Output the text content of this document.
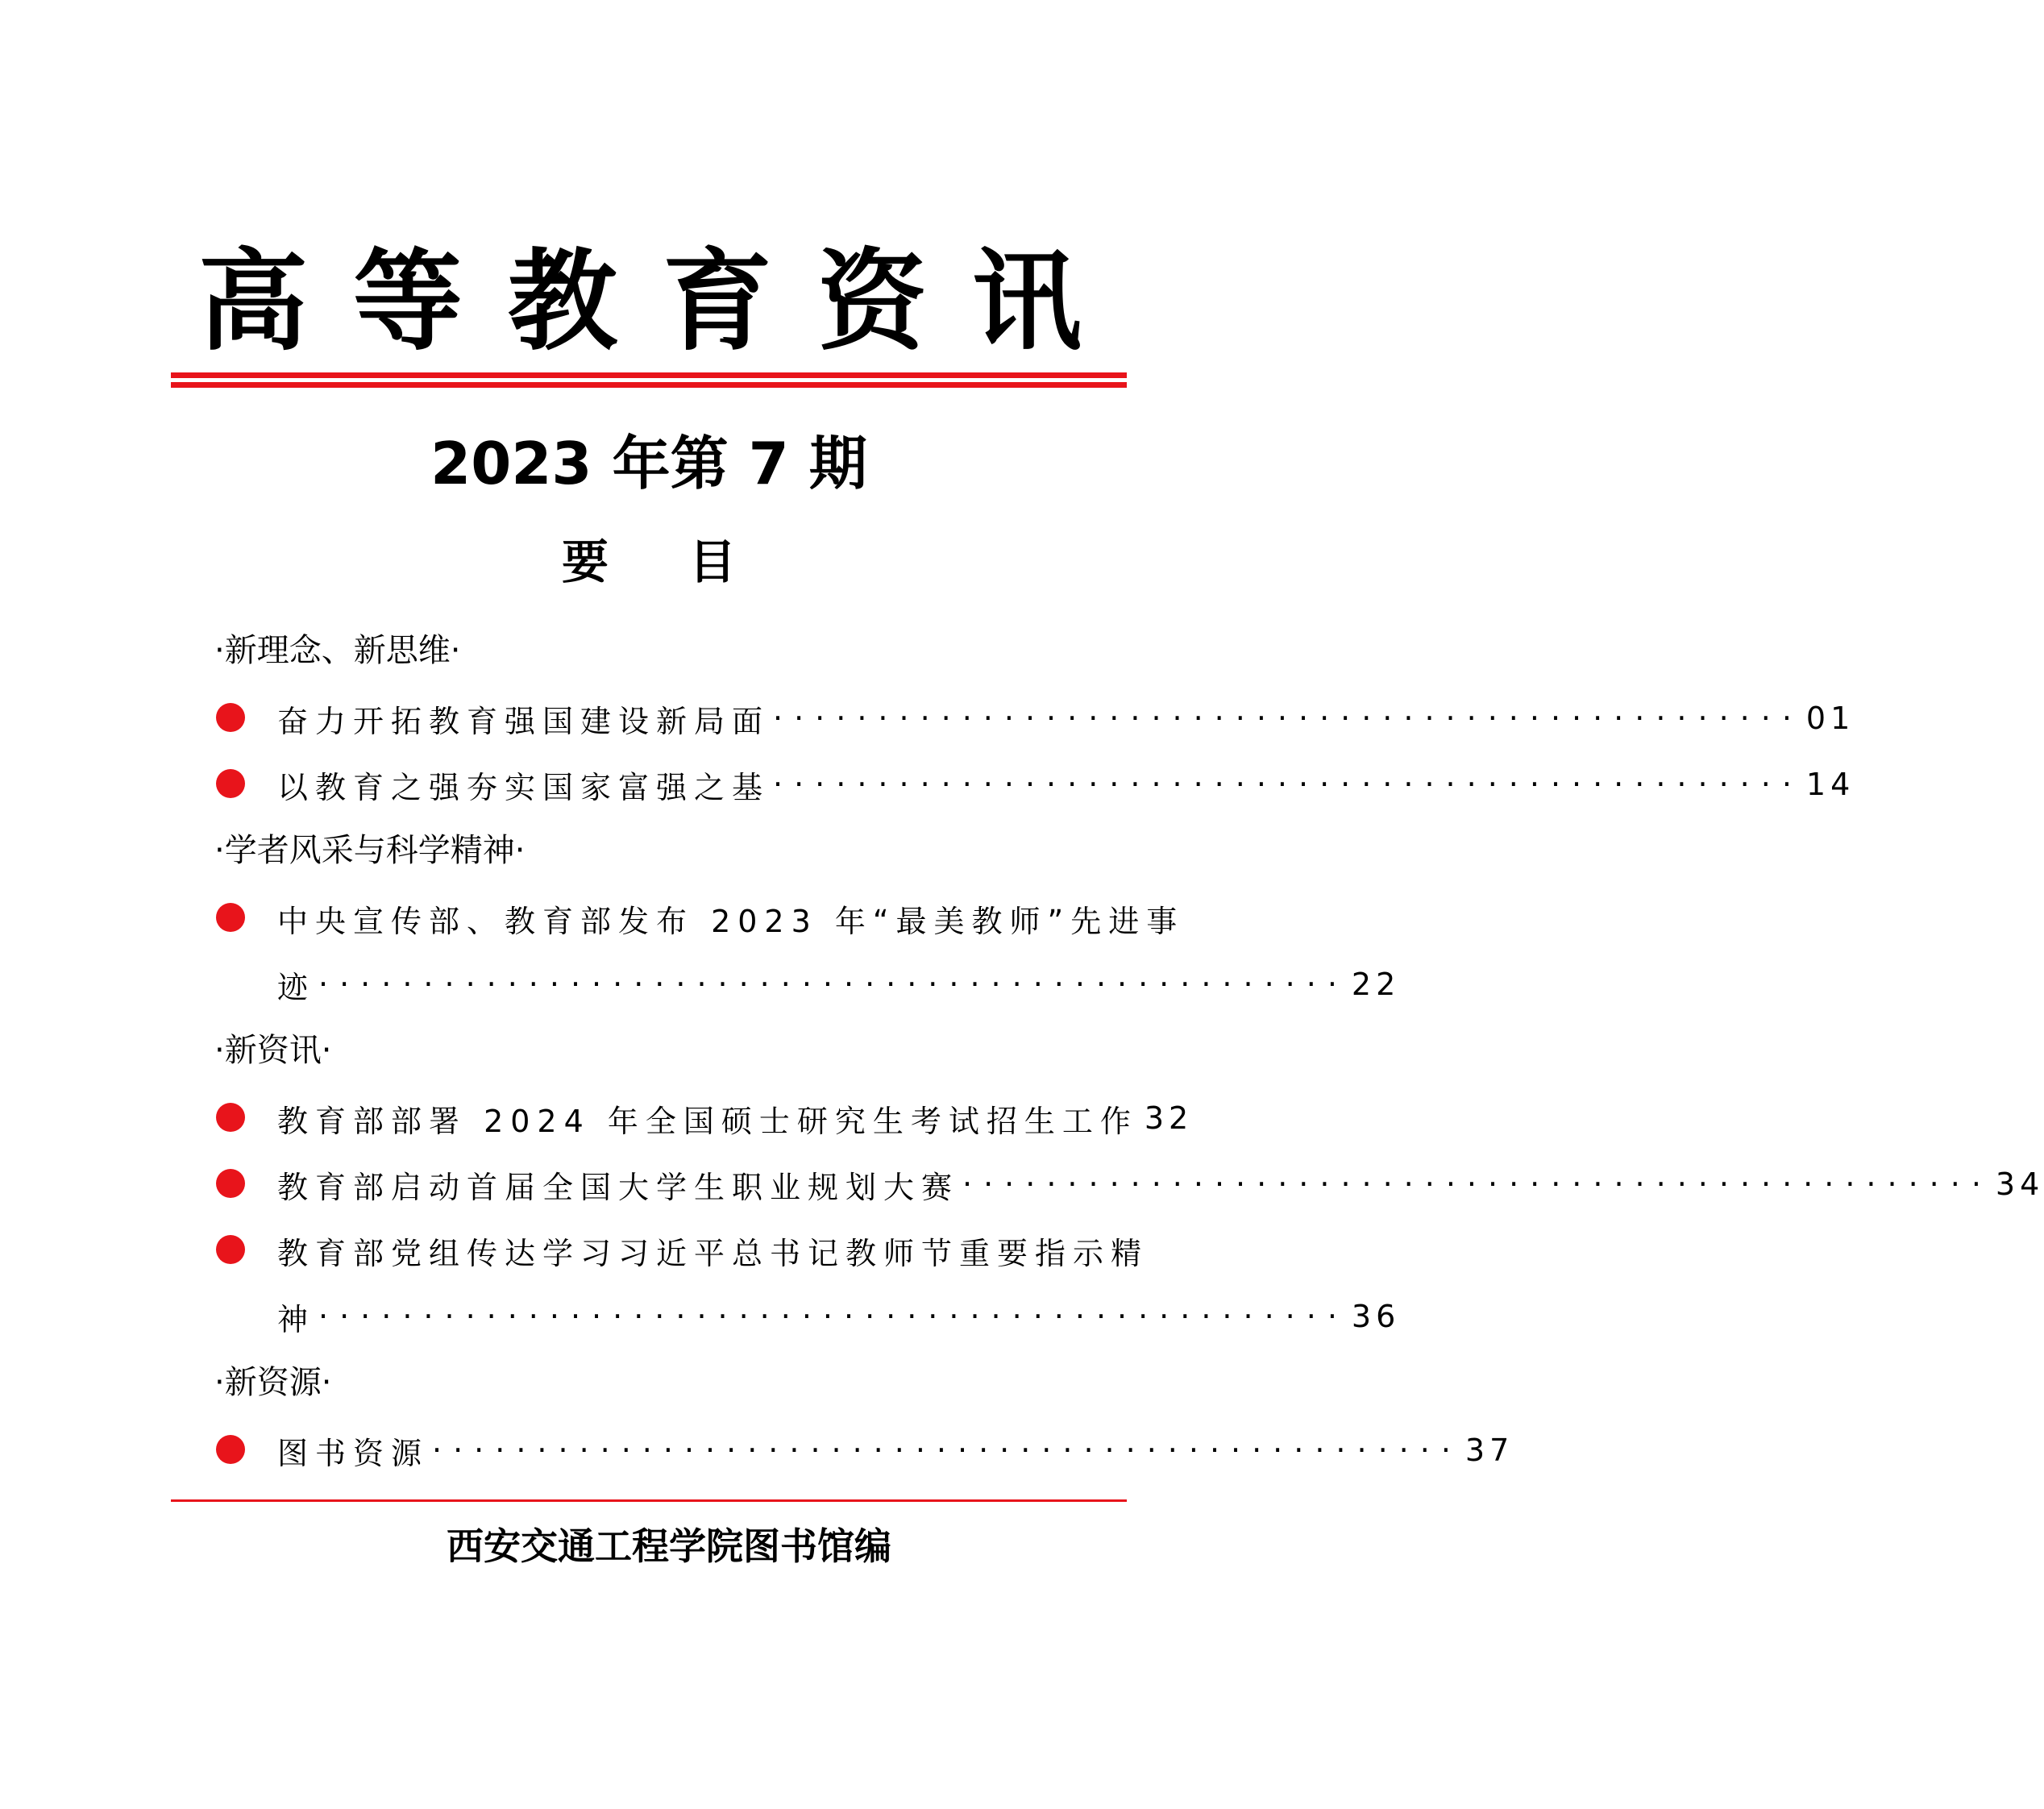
高等教育资讯
2023 年第 7 期
要目
·新理念、新思维·
奋力开拓教育强国建设新局面 ················································· 01
以教育之强夯实国家富强之基 ················································· 14
·学者风采与科学精神·
中央宣传部、教育部发布 2023 年“最美教师”先进事
迹 ················································· 22
·新资讯·
教育部部署 2024 年全国硕士研究生考试招生工作 32
教育部启动首届全国大学生职业规划大赛 ················································· 34
教育部党组传达学习习近平总书记教师节重要指示精
神 ················································· 36
·新资源·
图书资源 ················································· 37
西安交通工程学院图书馆编
